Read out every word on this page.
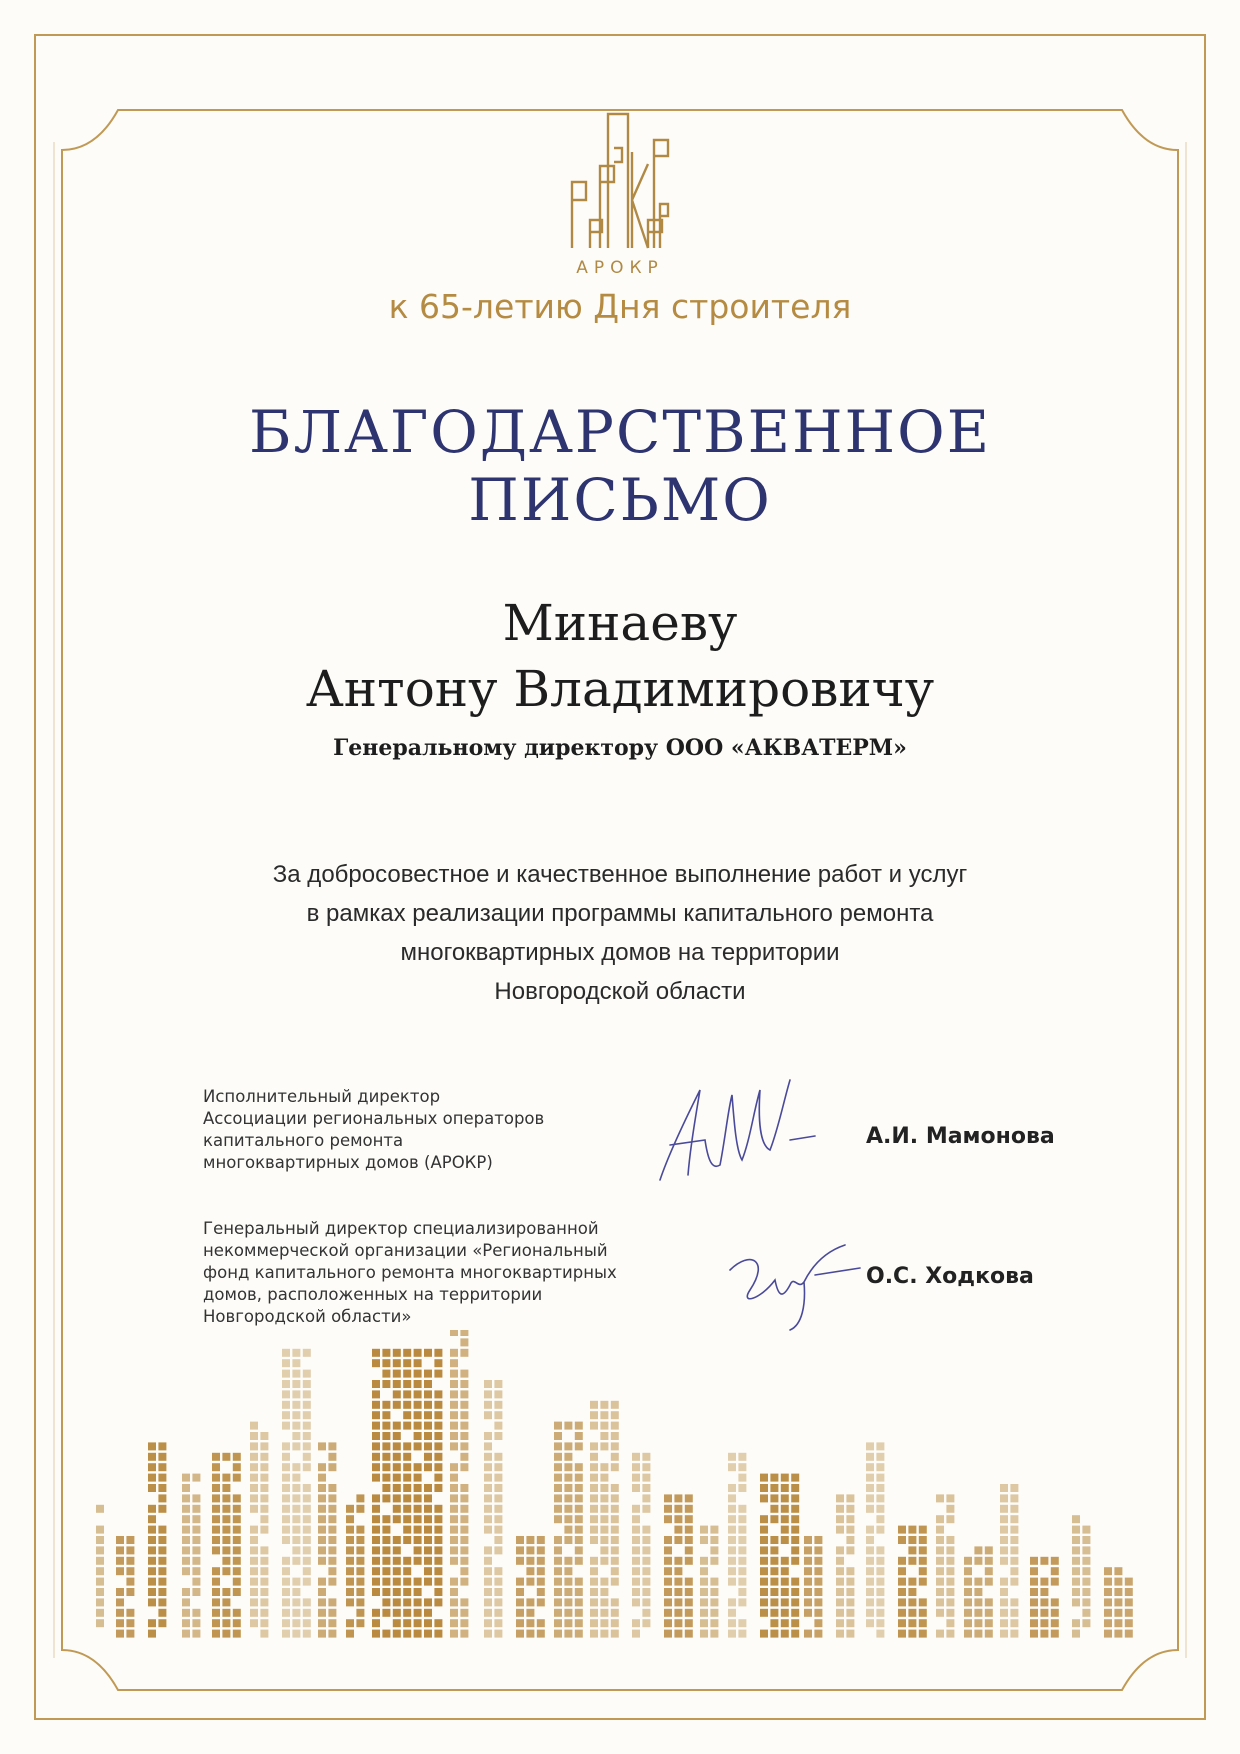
АРОКР
к 65-летию Дня строителя
БЛАГОДАРСТВЕННОЕ
ПИСЬМО
Минаеву
Антону Владимировичу
Генеральному директору ООО «АКВАТЕРМ»
За добросовестное и качественное выполнение работ и услуг
в рамках реализации программы капитального ремонта
многоквартирных домов на территории
Новгородской области
Исполнительный директор
Ассоциации региональных операторов
капитального ремонта
многоквартирных домов (АРОКР)
А.И. Мамонова
Генеральный директор специализированной
некоммерческой организации «Региональный
фонд капитального ремонта многоквартирных
домов, расположенных на территории
Новгородской области»
О.С. Ходкова
